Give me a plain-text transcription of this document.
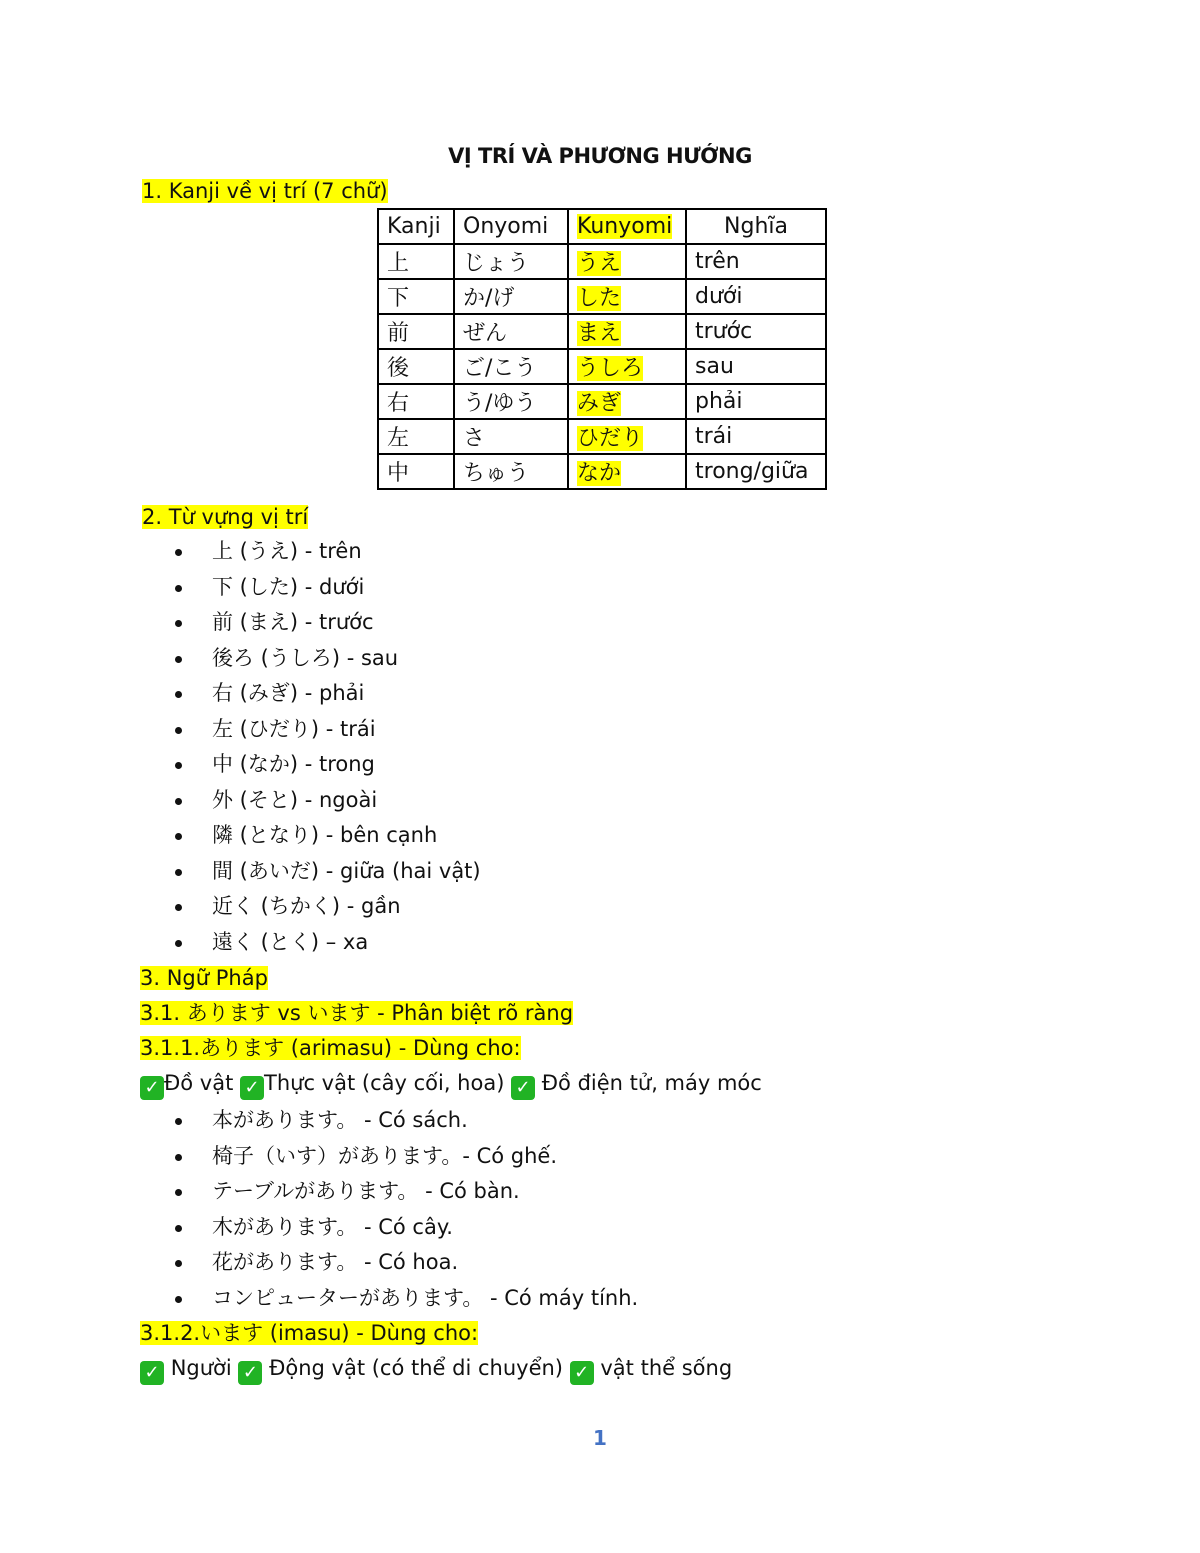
VỊ TRÍ VÀ PHƯƠNG HƯỚNG
1. Kanji về vị trí (7 chữ)
Kanji	Onyomi	Kunyomi	Nghĩa
上	じょう	うえ	trên
下	か/げ	した	dưới
前	ぜん	まえ	trước
後	ご/こう	うしろ	sau
右	う/ゆう	みぎ	phải
左	さ	ひだり	trái
中	ちゅう	なか	trong/giữa
2. Từ vựng vị trí
上 (うえ) - trên
下 (した) - dưới
前 (まえ) - trước
後ろ (うしろ) - sau
右 (みぎ) - phải
左 (ひだり) - trái
中 (なか) - trong
外 (そと) - ngoài
隣 (となり) - bên cạnh
間 (あいだ) - giữa (hai vật)
近く (ちかく) - gần
遠く (とく) – xa
3. Ngữ Pháp
3.1. あります vs います - Phân biệt rõ ràng
3.1.1.あります (arimasu) - Dùng cho:
✓ Đồ vật ✓ Thực vật (cây cối, hoa) ✓ Đồ điện tử, máy móc
本があります。 - Có sách.
椅子（いす）があります。- Có ghế.
テーブルがあります。 - Có bàn.
木があります。 - Có cây.
花があります。 - Có hoa.
コンピューターがあります。 - Có máy tính.
3.1.2.います (imasu) - Dùng cho:
✓ Người ✓ Động vật (có thể di chuyển) ✓ vật thể sống
1
